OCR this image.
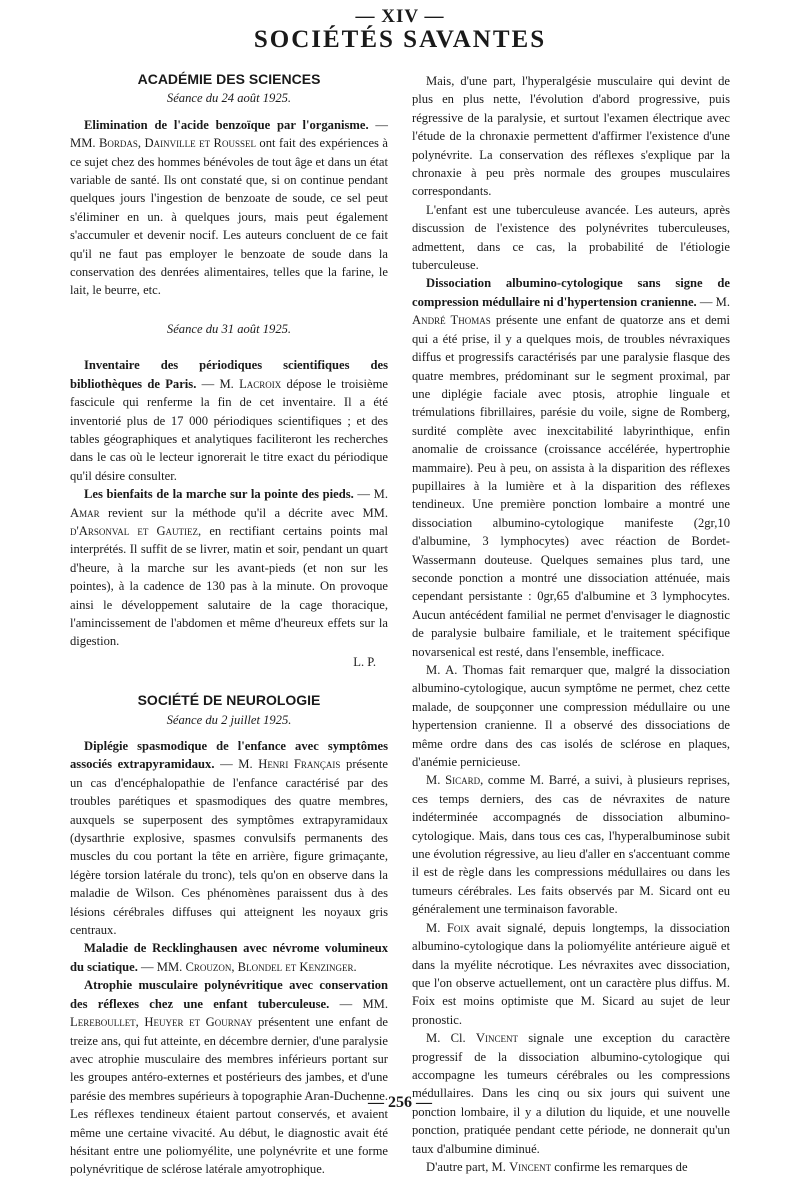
— XIV —
SOCIÉTÉS SAVANTES
ACADÉMIE DES SCIENCES
Séance du 24 août 1925.

Elimination de l'acide benzoïque par l'organisme. — MM. Bordas, Dainville et Roussel ont fait des expériences à ce sujet chez des hommes bénévoles de tout âge et dans un état variable de santé. Ils ont constaté que, si on continue pendant quelques jours l'ingestion de benzoate de soude, ce sel peut s'éliminer en un. à quelques jours, mais peut également s'accumuler et devenir nocif. Les auteurs concluent de ce fait qu'il ne faut pas employer le benzoate de soude dans la conservation des denrées alimentaires, telles que la farine, le lait, le beurre, etc.

Séance du 31 août 1925.

Inventaire des périodiques scientifiques des bibliothèques de Paris. — M. Lacroix dépose le troisième fascicule qui renferme la fin de cet inventaire. Il a été inventorié plus de 17 000 périodiques scientifiques ; et des tables géographiques et analytiques faciliteront les recherches dans le cas où le lecteur ignorerait le titre exact du périodique qu'il désire consulter.

Les bienfaits de la marche sur la pointe des pieds. — M. Amar revient sur la méthode qu'il a décrite avec MM. d'Arsonval et Gautiez, en rectifiant certains points mal interprétés. Il suffit de se livrer, matin et soir, pendant un quart d'heure, à la marche sur les avant-pieds (et non sur les pointes), à la cadence de 130 pas à la minute. On provoque ainsi le développement salutaire de la cage thoracique, l'amincissement de l'abdomen et même d'heureux effets sur la digestion.

L. P.
SOCIÉTÉ DE NEUROLOGIE
Séance du 2 juillet 1925.

Diplégie spasmodique de l'enfance avec symptômes associés extrapyramidaux. — M. Henri Français présente un cas d'encéphalopathie de l'enfance caractérisé par des troubles parétiques et spasmodiques des quatre membres, auxquels se superposent des symptômes extrapyramidaux (dysarthrie explosive, spasmes convulsifs permanents des muscles du cou portant la tête en arrière, figure grimaçante, légère torsion latérale du tronc), tels qu'on en observe dans la maladie de Wilson. Ces phénomènes paraissent dus à des lésions cérébrales diffuses qui atteignent les noyaux gris centraux.

Maladie de Recklinghausen avec névrome volumineux du sciatique. — MM. Crouzon, Blondel et Kenzinger.

Atrophie musculaire polynévritique avec conservation des réflexes chez une enfant tuberculeuse. — MM. Lereboullet, Heuyer et Gournay présentent une enfant de treize ans, qui fut atteinte, en décembre dernier, d'une paralysie avec atrophie musculaire des membres inférieurs portant sur les groupes antéro-externes et postérieurs des jambes, et d'une parésie des membres supérieurs à topographie Aran-Duchenne. Les réflexes tendineux étaient partout conservés, et avaient même une certaine vivacité. Au début, le diagnostic avait été hésitant entre une poliomyélite, une polynévrite et une forme polynévritique de sclérose latérale amyotrophique.

Mais, d'une part, l'hyperalgésie musculaire qui devint de plus en plus nette, l'évolution d'abord progressive, puis régressive de la paralysie, et surtout l'examen électrique avec l'étude de la chronaxie permettent d'affirmer l'existence d'une polynévrite. La conservation des réflexes s'explique par la chronaxie à peu près normale des groupes musculaires correspondants.

L'enfant est une tuberculeuse avancée. Les auteurs, après discussion de l'existence des polynévrites tuberculeuses, admettent, dans ce cas, la probabilité de l'étiologie tuberculeuse.

Dissociation albumino-cytologique sans signe de compression médullaire ni d'hypertension cranienne. — M. André Thomas présente une enfant de quatorze ans et demi qui a été prise, il y a quelques mois, de troubles névraxiques diffus et progressifs caractérisés par une paralysie flasque des quatre membres, prédominant sur le segment proximal, par une diplégie faciale avec ptosis, atrophie linguale et trémulations fibrillaires, parésie du voile, signe de Romberg, surdité complète avec inexcitabilité labyrinthique, enfin anomalie de croissance (croissance accélérée, hypertrophie mammaire). Peu à peu, on assista à la disparition des réflexes pupillaires à la lumière et à la disparition des réflexes tendineux. Une première ponction lombaire a montré une dissociation albumino-cytologique manifeste (2gr,10 d'albumine, 3 lymphocytes) avec réaction de Bordet-Wassermann douteuse. Quelques semaines plus tard, une seconde ponction a montré une dissociation atténuée, mais cependant persistante : 0gr,65 d'albumine et 3 lymphocytes. Aucun antécédent familial ne permet d'envisager le diagnostic de paralysie bulbaire familiale, et le traitement spécifique novarsenical est resté, dans l'ensemble, inefficace.

M. A. Thomas fait remarquer que, malgré la dissociation albumino-cytologique, aucun symptôme ne permet, chez cette malade, de soupçonner une compression médullaire ou une hypertension cranienne. Il a observé des dissociations de même ordre dans des cas isolés de sclérose en plaques, d'anémie pernicieuse.

M. Sicard, comme M. Barré, a suivi, à plusieurs reprises, ces temps derniers, des cas de névraxites de nature indéterminée accompagnés de dissociation albumino-cytologique. Mais, dans tous ces cas, l'hyperalbuminose subit une évolution régressive, au lieu d'aller en s'accentuant comme il est de règle dans les compressions médullaires ou dans les tumeurs cérébrales. Les faits observés par M. Sicard ont eu généralement une terminaison favorable.

M. Foix avait signalé, depuis longtemps, la dissociation albumino-cytologique dans la poliomyélite antérieure aiguë et dans la myélite nécrotique. Les névraxites avec dissociation, que l'on observe actuellement, ont un caractère plus diffus. M. Foix est moins optimiste que M. Sicard au sujet de leur pronostic.

M. Cl. Vincent signale une exception du caractère progressif de la dissociation albumino-cytologique qui accompagne les tumeurs cérébrales ou les compressions médullaires. Dans les cinq ou six jours qui suivent une ponction lombaire, il y a dilution du liquide, et une nouvelle ponction, pratiquée pendant cette période, ne donnerait qu'un taux d'albumine diminué.

D'autre part, M. Vincent confirme les remarques de

— 256 —
